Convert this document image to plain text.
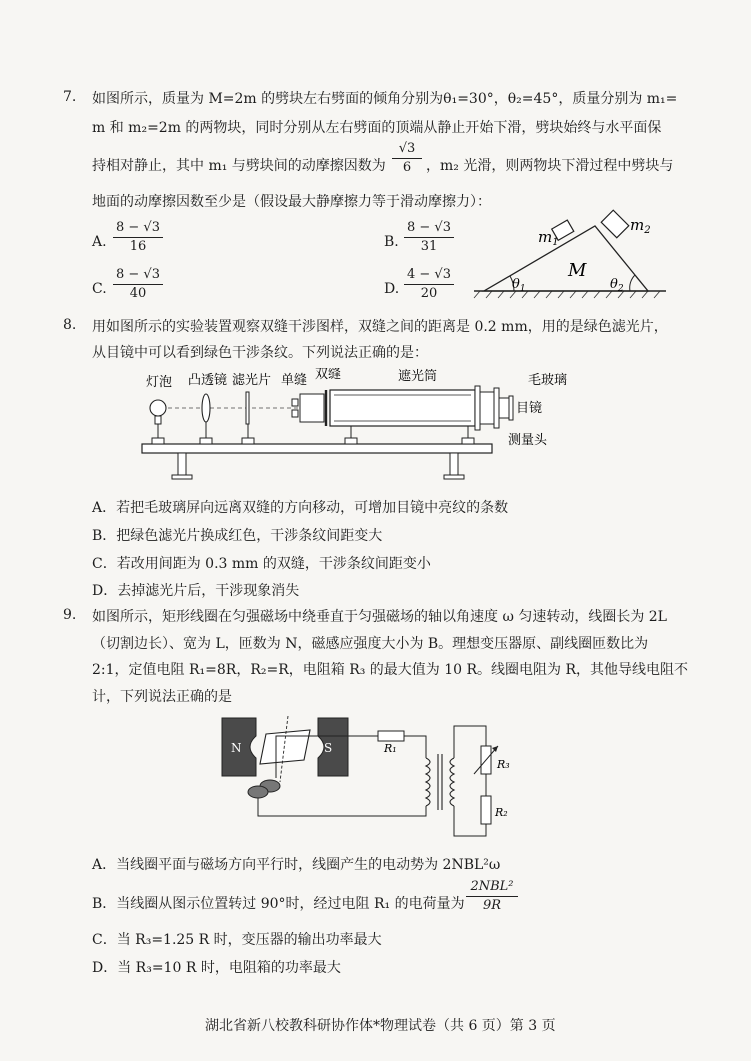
7. 如图所示，质量为 M=2m 的劈块左右劈面的倾角分别为θ₁=30°，θ₂=45°，质量分别为 m₁=
m 和 m₂=2m 的两物块，同时分别从左右劈面的顶端从静止开始下滑，劈块始终与水平面保
持相对静止，其中 m₁ 与劈块间的动摩擦因数为 $\frac{√3}{6}$ ，m₂ 光滑，则两物块下滑过程中劈块与
地面的动摩擦因数至少是（假设最大静摩擦力等于滑动摩擦力）：
A. $\frac{8 - √3}{16}$	B. $\frac{8 - √3}{31}$
C. $\frac{8 - √3}{40}$	D. $\frac{4 - √3}{20}$
$m_1$
$m_2$
M
$\theta_1$	$\theta_2$
8. 用如图所示的实验装置观察双缝干涉图样，双缝之间的距离是 0.2 mm，用的是绿色滤光片，
从目镜中可以看到绿色干涉条纹。下列说法正确的是：
灯泡 凸透镜 滤光片 单缝 双缝	遮光筒	毛玻璃
目镜
测量头
A．若把毛玻璃屏向远离双缝的方向移动，可增加目镜中亮纹的条数
B．把绿色滤光片换成红色，干涉条纹间距变大
C．若改用间距为 0.3 mm 的双缝，干涉条纹间距变小
D．去掉滤光片后，干涉现象消失
9. 如图所示，矩形线圈在匀强磁场中绕垂直于匀强磁场的轴以角速度 ω 匀速转动，线圈长为 2L
（切割边长）、宽为 L，匝数为 N，磁感应强度大小为 B。理想变压器原、副线圈匝数比为
2:1，定值电阻 R₁=8R，R₂=R，电阻箱 R₃ 的最大值为 10 R。线圈电阻为 R，其他导线电阻不
计，下列说法正确的是
N	S	R₁
R₃
R₂
A．当线圈平面与磁场方向平行时，线圈产生的电动势为 2NBL²ω
B．当线圈从图示位置转过 90°时，经过电阻 R₁ 的电荷量为
2NBL²
9R
C．当 R₃=1.25 R 时，变压器的输出功率最大
D．当 R₃=10 R 时，电阻箱的功率最大
湖北省新八校教科研协作体*物理试卷（共 6 页）第 3 页
